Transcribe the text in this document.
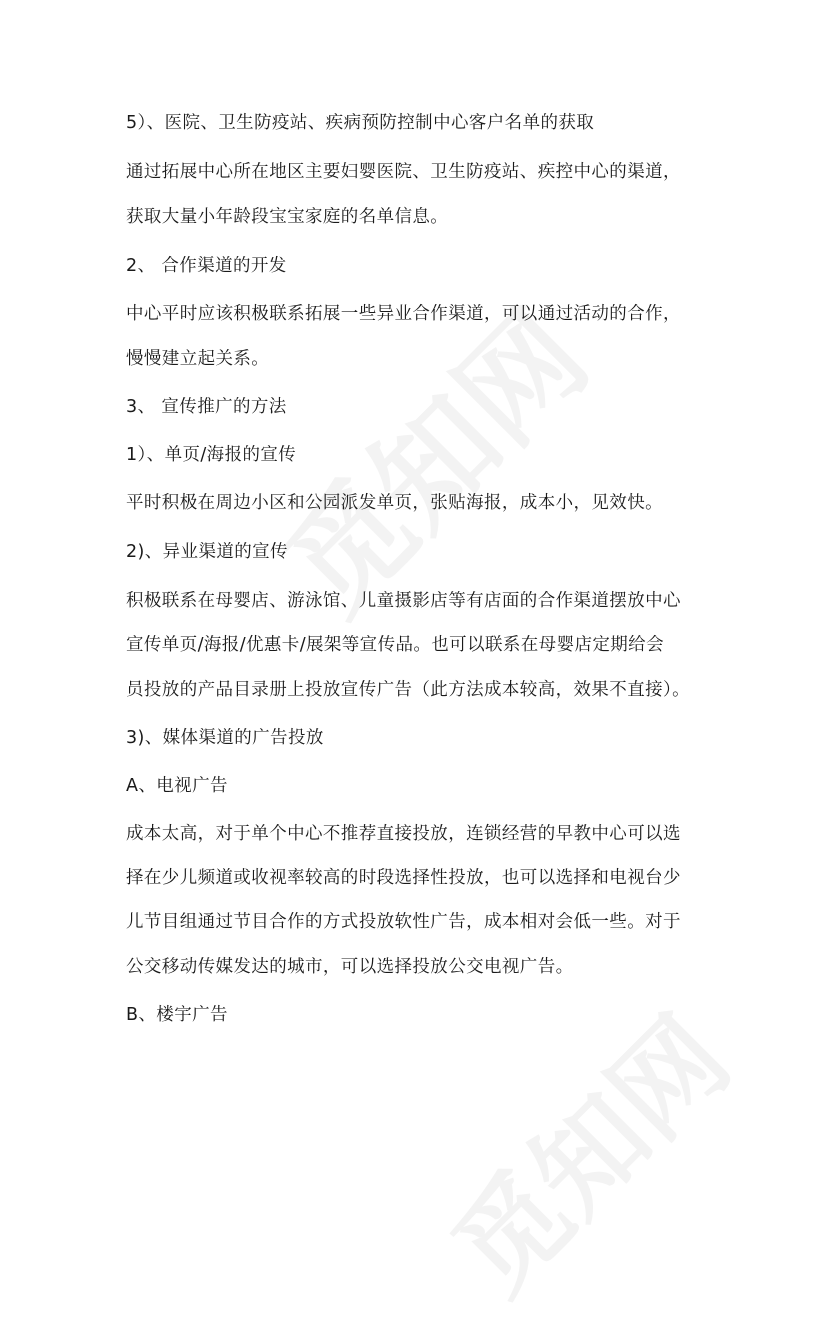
5）、医院、卫生防疫站、疾病预防控制中心客户名单的获取
通过拓展中心所在地区主要妇婴医院、卫生防疫站、疾控中心的渠道，
获取大量小年龄段宝宝家庭的名单信息。
2、 合作渠道的开发
中心平时应该积极联系拓展一些异业合作渠道，可以通过活动的合作，
慢慢建立起关系。
3、 宣传推广的方法
1）、单页/海报的宣传
平时积极在周边小区和公园派发单页，张贴海报，成本小，见效快。
2)、异业渠道的宣传
积极联系在母婴店、游泳馆、儿童摄影店等有店面的合作渠道摆放中心
宣传单页/海报/优惠卡/展架等宣传品。也可以联系在母婴店定期给会
员投放的产品目录册上投放宣传广告（此方法成本较高，效果不直接）。
3)、媒体渠道的广告投放
A、电视广告
成本太高，对于单个中心不推荐直接投放，连锁经营的早教中心可以选
择在少儿频道或收视率较高的时段选择性投放，也可以选择和电视台少
儿节目组通过节目合作的方式投放软性广告，成本相对会低一些。对于
公交移动传媒发达的城市，可以选择投放公交电视广告。
B、楼宇广告
